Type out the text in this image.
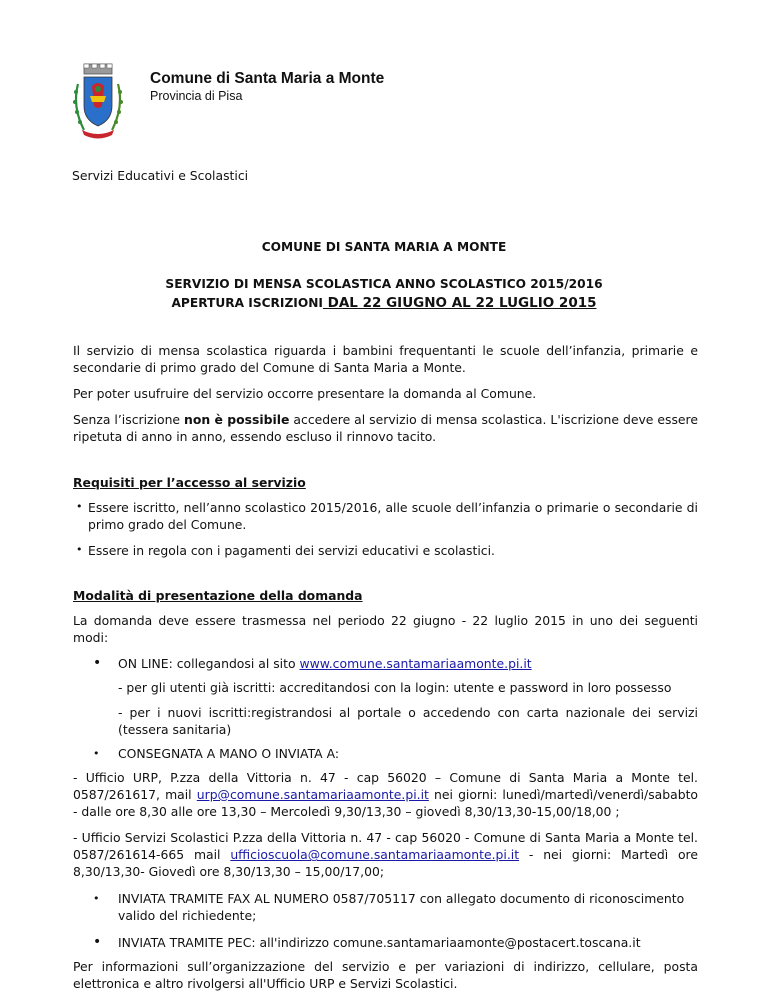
Comune di Santa Maria a Monte
Provincia di Pisa
Servizi Educativi e Scolastici
COMUNE DI SANTA MARIA A MONTE
SERVIZIO DI MENSA SCOLASTICA ANNO SCOLASTICO 2015/2016
APERTURA ISCRIZIONI DAL 22 GIUGNO AL 22 LUGLIO 2015

Il servizio di mensa scolastica riguarda i bambini frequentanti le scuole dell’infanzia, primarie e secondarie di primo grado del Comune di Santa Maria a Monte.

Per poter usufruire del servizio occorre presentare la domanda al Comune.

Senza l’iscrizione non è possibile accedere al servizio di mensa scolastica. L'iscrizione deve essere ripetuta di anno in anno, essendo escluso il rinnovo tacito.

Requisiti per l’accesso al servizio
• Essere iscritto, nell’anno scolastico 2015/2016, alle scuole dell’infanzia o primarie o secondarie di primo grado del Comune.
• Essere in regola con i pagamenti dei servizi educativi e scolastici.
Modalità di presentazione della domanda

La domanda deve essere trasmessa nel periodo 22 giugno - 22 luglio 2015 in uno dei seguenti modi:

• ON LINE: collegandosi al sito www.comune.santamariaamonte.pi.it
- per gli utenti già iscritti: accreditandosi con la login: utente e password in loro possesso
- per i nuovi iscritti:registrandosi al portale o accedendo con carta nazionale dei servizi (tessera sanitaria)
• CONSEGNATA A MANO O INVIATA A:
- Ufficio URP, P.zza della Vittoria n. 47 - cap 56020 – Comune di Santa Maria a Monte tel. 0587/261617, mail urp@comune.santamariaamonte.pi.it nei giorni: lunedì/martedì/venerdì/sababto - dalle ore 8,30 alle ore 13,30 – Mercoledì 9,30/13,30 – giovedì 8,30/13,30-15,00/18,00 ;
- Ufficio Servizi Scolastici P.zza della Vittoria n. 47 - cap 56020 - Comune di Santa Maria a Monte tel. 0587/261614-665 mail ufficioscuola@comune.santamariaamonte.pi.it - nei giorni: Martedì ore 8,30/13,30- Giovedì ore 8,30/13,30 – 15,00/17,00;
• INVIATA TRAMITE FAX AL NUMERO 0587/705117 con allegato documento di riconoscimento valido del richiedente;
• INVIATA TRAMITE PEC: all'indirizzo comune.santamariaamonte@postacert.toscana.it

Per informazioni sull’organizzazione del servizio e per variazioni di indirizzo, cellulare, posta elettronica e altro rivolgersi all'Ufficio URP e Servizi Scolastici.
